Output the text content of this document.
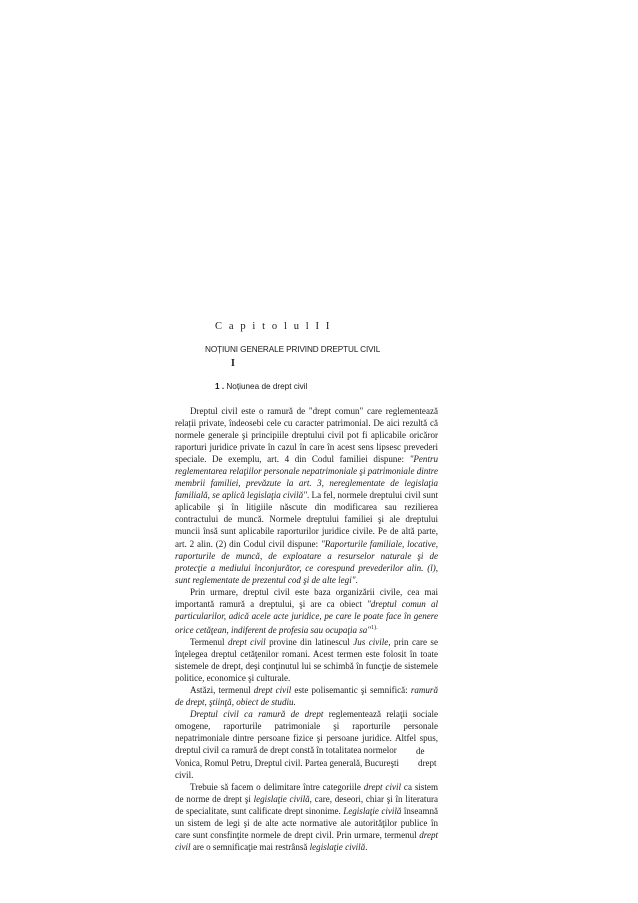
C a p i t o l u l I I
NOȚIUNI GENERALE PRIVIND DREPTUL CIVIL
I
1 . Noțiunea de drept civil

Dreptul civil este o ramură de "drept comun" care reglementează relații private, îndeosebi cele cu caracter patrimonial. De aici rezultă că normele generale şi principiile dreptului civil pot fi aplicabile oricăror raporturi juridice private în cazul în care în acest sens lipsesc prevederi speciale. De exemplu, art. 4 din Codul familiei dispune: "Pentru reglementarea relaţiilor personale nepatrimoniale şi patrimoniale dintre membrii familiei, prevăzute la art. 3, nereglementate de legislaţia familială, se aplică legislaţia civilă". La fel, normele dreptului civil sunt aplicabile şi în litigiile născute din modificarea sau rezilierea contractului de muncă. Normele dreptului familiei şi ale dreptului muncii însă sunt aplicabile raporturilor juridice civile. Pe de altă parte, art. 2 alin. (2) din Codul civil dispune: "Raporturile familiale, locative, raporturile de muncă, de exploatare a resurselor naturale şi de protecţie a mediului înconjurător, ce corespund prevederilor alin. (l), sunt reglementate de prezentul cod şi de alte legi".

Prin urmare, dreptul civil este baza organizării civile, cea mai importantă ramură a dreptului, şi are ca obiect "dreptul comun al particularilor, adică acele acte juridice, pe care le poate face în genere orice cetăţean, indiferent de profesia sau ocupaţia sa"$^{1).}$

Termenul drept civil provine din latinescul Jus civile, prin care se înţelegea dreptul cetăţenilor romani. Acest termen este folosit în toate sistemele de drept, deşi conţinutul lui se schimbă în funcţie de sistemele politice, economice şi culturale.

Astăzi, termenul drept civil este polisemantic şi semnifică: ramură de drept, ştiinţă, obiect de studiu.

Dreptul civil ca ramură de drept reglementează relaţii sociale omogene, raporturile patrimoniale şi raporturile personale nepatrimoniale dintre persoane fizice şi persoane juridice. Altfel spus, dreptul civil ca ramură de drept constă în totalitatea normelor	de
Vonica, Romul Petru, Dreptul civil. Partea generală, Bucureşti	drept

civil.

Trebuie să facem o delimitare între categoriile drept civil ca sistem de norme de drept şi legislaţie civilă, care, deseori, chiar şi în literatura de specialitate, sunt calificate drept sinonime. Legislaţie civilă înseamnă un sistem de legi şi de alte acte normative ale autorităţilor publice în care sunt consfinţite normele de drept civil. Prin urmare, termenul drept civil are o semnificaţie mai restrânsă legislaţie civilă.
